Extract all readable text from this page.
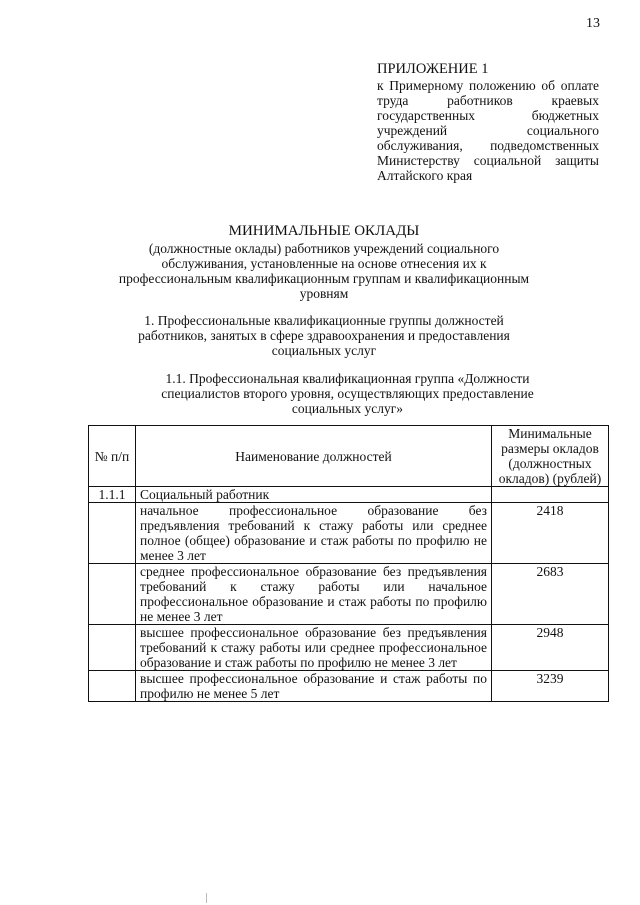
13
ПРИЛОЖЕНИЕ 1
к Примерному положению об оплате труда работников краевых государственных бюджетных учреждений социального обслуживания, подведомственных Министерству социальной защиты Алтайского края
МИНИМАЛЬНЫЕ ОКЛАДЫ
(должностные оклады) работников учреждений социального обслуживания, установленные на основе отнесения их к профессиональным квалификационным группам и квалификационным уровням
1. Профессиональные квалификационные группы должностей работников, занятых в сфере здравоохранения и предоставления социальных услуг
1.1. Профессиональная квалификационная группа «Должности специалистов второго уровня, осуществляющих предоставление социальных услуг»
№ п/п	Наименование должностей	Минимальные размеры окладов (должностных окладов) (рублей)
1.1.1	Социальный работник	
	начальное профессиональное образование без предъявления требований к стажу работы или среднее полное (общее) образование и стаж работы по профилю не менее 3 лет	2418
	среднее профессиональное образование без предъявления требований к стажу работы или начальное профессиональное образование и стаж работы по профилю не менее 3 лет	2683
	высшее профессиональное образование без предъявления требований к стажу работы или среднее профессиональное образование и стаж работы по профилю не менее 3 лет	2948
	высшее профессиональное образование и стаж работы по профилю не менее 5 лет	3239
